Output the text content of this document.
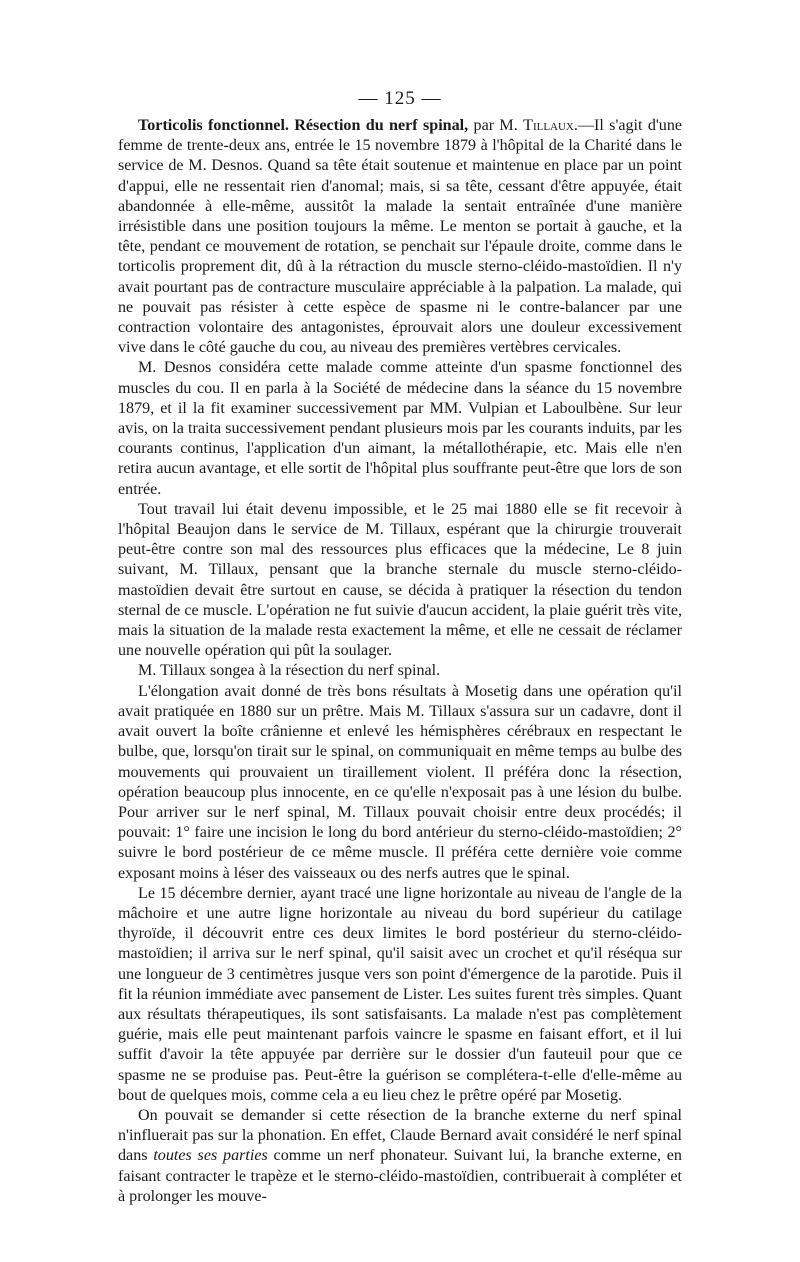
— 125 —

Torticolis fonctionnel. Résection du nerf spinal, par M. Tillaux.—Il s'agit d'une femme de trente-deux ans, entrée le 15 novembre 1879 à l'hôpital de la Charité dans le service de M. Desnos. Quand sa tête était soutenue et maintenue en place par un point d'appui, elle ne ressentait rien d'anomal; mais, si sa tête, cessant d'être appuyée, était abandonnée à elle-même, aussitôt la malade la sentait entraînée d'une manière irrésistible dans une position toujours la même. Le menton se portait à gauche, et la tête, pendant ce mouvement de rotation, se penchait sur l'épaule droite, comme dans le torticolis proprement dit, dû à la rétraction du muscle sterno-cléido-mastoïdien. Il n'y avait pourtant pas de contracture musculaire appréciable à la palpation. La malade, qui ne pouvait pas résister à cette espèce de spasme ni le contre-balancer par une contraction volontaire des antagonistes, éprouvait alors une douleur excessivement vive dans le côté gauche du cou, au niveau des premières vertèbres cervicales.

M. Desnos considéra cette malade comme atteinte d'un spasme fonctionnel des muscles du cou. Il en parla à la Société de médecine dans la séance du 15 novembre 1879, et il la fit examiner successivement par MM. Vulpian et Laboulbène. Sur leur avis, on la traita successivement pendant plusieurs mois par les courants induits, par les courants continus, l'application d'un aimant, la métallothérapie, etc. Mais elle n'en retira aucun avantage, et elle sortit de l'hôpital plus souffrante peut-être que lors de son entrée.

Tout travail lui était devenu impossible, et le 25 mai 1880 elle se fit recevoir à l'hôpital Beaujon dans le service de M. Tillaux, espérant que la chirurgie trouverait peut-être contre son mal des ressources plus efficaces que la médecine, Le 8 juin suivant, M. Tillaux, pensant que la branche sternale du muscle sterno-cléido-mastoïdien devait être surtout en cause, se décida à pratiquer la résection du tendon sternal de ce muscle. L'opération ne fut suivie d'aucun accident, la plaie guérit très vite, mais la situation de la malade resta exactement la même, et elle ne cessait de réclamer une nouvelle opération qui pût la soulager.

M. Tillaux songea à la résection du nerf spinal.

L'élongation avait donné de très bons résultats à Mosetig dans une opération qu'il avait pratiquée en 1880 sur un prêtre. Mais M. Tillaux s'assura sur un cadavre, dont il avait ouvert la boîte crânienne et enlevé les hémisphères cérébraux en respectant le bulbe, que, lorsqu'on tirait sur le spinal, on communiquait en même temps au bulbe des mouvements qui prouvaient un tiraillement violent. Il préféra donc la résection, opération beaucoup plus innocente, en ce qu'elle n'exposait pas à une lésion du bulbe. Pour arriver sur le nerf spinal, M. Tillaux pouvait choisir entre deux procédés; il pouvait: 1° faire une incision le long du bord antérieur du sterno-cléido-mastoïdien; 2° suivre le bord postérieur de ce même muscle. Il préféra cette dernière voie comme exposant moins à léser des vaisseaux ou des nerfs autres que le spinal.

Le 15 décembre dernier, ayant tracé une ligne horizontale au niveau de l'angle de la mâchoire et une autre ligne horizontale au niveau du bord supérieur du catilage thyroïde, il découvrit entre ces deux limites le bord postérieur du sterno-cléido-mastoïdien; il arriva sur le nerf spinal, qu'il saisit avec un crochet et qu'il réséqua sur une longueur de 3 centimètres jusque vers son point d'émergence de la parotide. Puis il fit la réunion immédiate avec pansement de Lister. Les suites furent très simples. Quant aux résultats thérapeutiques, ils sont satisfaisants. La malade n'est pas complètement guérie, mais elle peut maintenant parfois vaincre le spasme en faisant effort, et il lui suffit d'avoir la tête appuyée par derrière sur le dossier d'un fauteuil pour que ce spasme ne se produise pas. Peut-être la guérison se complétera-t-elle d'elle-même au bout de quelques mois, comme cela a eu lieu chez le prêtre opéré par Mosetig.

On pouvait se demander si cette résection de la branche externe du nerf spinal n'influerait pas sur la phonation. En effet, Claude Bernard avait considéré le nerf spinal dans toutes ses parties comme un nerf phonateur. Suivant lui, la branche externe, en faisant contracter le trapèze et le sterno-cléido-mastoïdien, contribuerait à compléter et à prolonger les mouve-
